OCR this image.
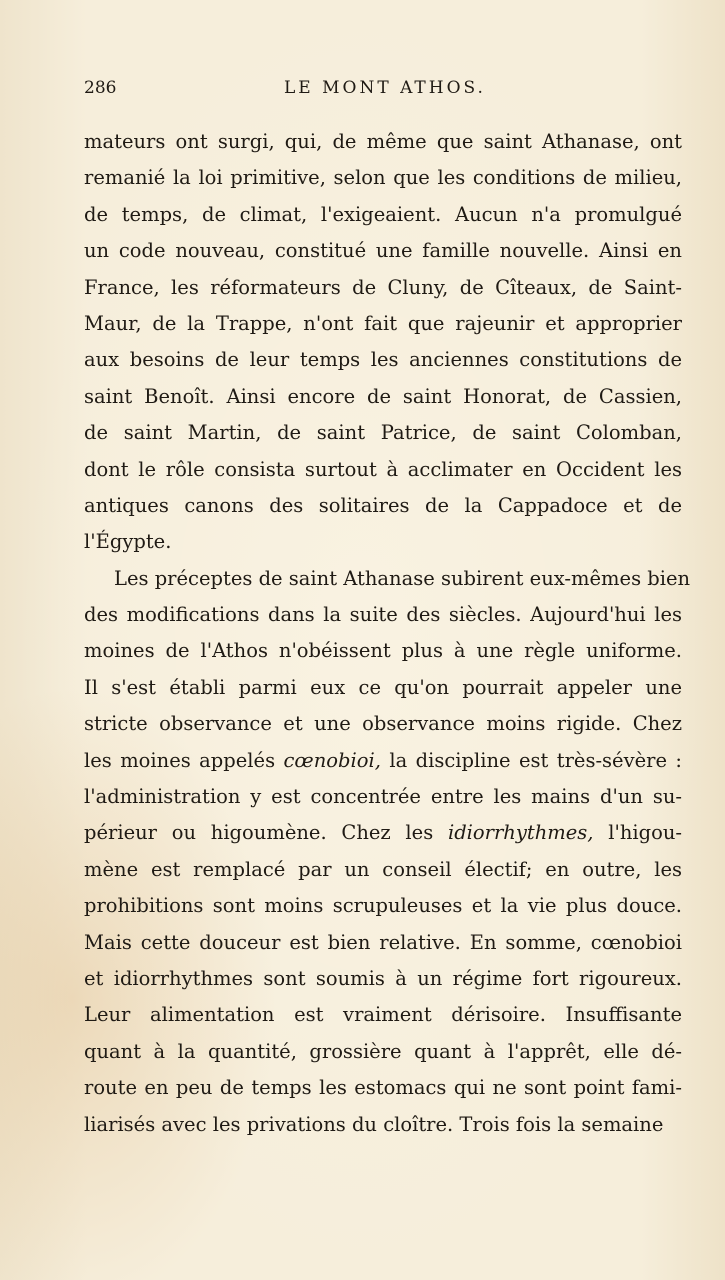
286	LE MONT ATHOS.
mateurs ont surgi, qui, de même que saint Athanase, ont
remanié la loi primitive, selon que les conditions de milieu,
de temps, de climat, l'exigeaient. Aucun n'a promulgué
un code nouveau, constitué une famille nouvelle. Ainsi en
France, les réformateurs de Cluny, de Cîteaux, de Saint-
Maur, de la Trappe, n'ont fait que rajeunir et approprier
aux besoins de leur temps les anciennes constitutions de
saint Benoît. Ainsi encore de saint Honorat, de Cassien,
de saint Martin, de saint Patrice, de saint Colomban,
dont le rôle consista surtout à acclimater en Occident les
antiques canons des solitaires de la Cappadoce et de
l'Égypte.
Les préceptes de saint Athanase subirent eux-mêmes bien
des modifications dans la suite des siècles. Aujourd'hui les
moines de l'Athos n'obéissent plus à une règle uniforme.
Il s'est établi parmi eux ce qu'on pourrait appeler une
stricte observance et une observance moins rigide. Chez
les moines appelés cœnobioi, la discipline est très-sévère :
l'administration y est concentrée entre les mains d'un su-
périeur ou higoumène. Chez les idiorrhythmes, l'higou-
mène est remplacé par un conseil électif; en outre, les
prohibitions sont moins scrupuleuses et la vie plus douce.
Mais cette douceur est bien relative. En somme, cœnobioi
et idiorrhythmes sont soumis à un régime fort rigoureux.
Leur alimentation est vraiment dérisoire. Insuffisante
quant à la quantité, grossière quant à l'apprêt, elle dé-
route en peu de temps les estomacs qui ne sont point fami-
liarisés avec les privations du cloître. Trois fois la semaine
